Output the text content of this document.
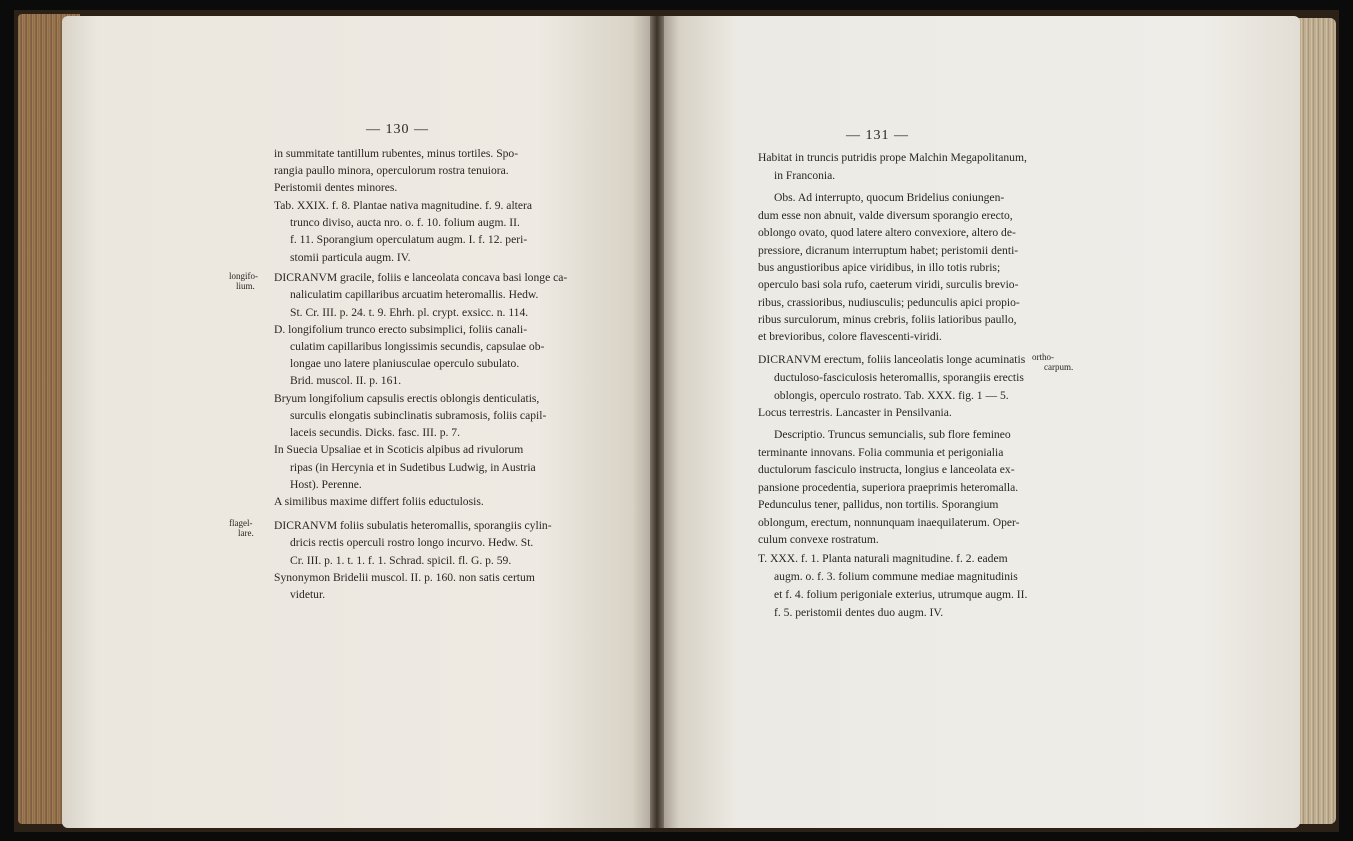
— 130 —
in summitate tantillum rubentes, minus tortiles. Spo-
rangia paullo minora, operculorum rostra tenuiora.
Peristomii dentes minores.
Tab. XXIX. f. 8. Plantae nativa magnitudine. f. 9. altera
trunco diviso, aucta nro. o. f. 10. folium augm. II.
f. 11. Sporangium operculatum augm. I. f. 12. peri-
stomii particula augm. IV.
longifo-
lium.
DICRANVM gracile, foliis e lanceolata concava basi longe ca-
naliculatim capillaribus arcuatim heteromallis. Hedw.
St. Cr. III. p. 24. t. 9. Ehrh. pl. crypt. exsicc. n. 114.
D. longifolium trunco erecto subsimplici, foliis canali-
culatim capillaribus longissimis secundis, capsulae ob-
longae uno latere planiusculae operculo subulato.
Brid. muscol. II. p. 161.
Bryum longifolium capsulis erectis oblongis denticulatis,
surculis elongatis subinclinatis subramosis, foliis capil-
laceis secundis. Dicks. fasc. III. p. 7.
In Suecia Upsaliae et in Scoticis alpibus ad rivulorum
ripas (in Hercynia et in Sudetibus Ludwig, in Austria
Host). Perenne.
A similibus maxime differt foliis eductulosis.
flagel-
lare.
DICRANVM foliis subulatis heteromallis, sporangiis cylin-
dricis rectis operculi rostro longo incurvo. Hedw. St.
Cr. III. p. 1. t. 1. f. 1. Schrad. spicil. fl. G. p. 59.
Synonymon Bridelii muscol. II. p. 160. non satis certum
videtur.
— 131 —
Habitat in truncis putridis prope Malchin Megapolitanum,
in Franconia.
Obs. Ad interrupto, quocum Bridelius coniungen-
dum esse non abnuit, valde diversum sporangio erecto,
oblongo ovato, quod latere altero convexiore, altero de-
pressiore, dicranum interruptum habet; peristomii denti-
bus angustioribus apice viridibus, in illo totis rubris;
operculo basi sola rufo, caeterum viridi, surculis brevio-
ribus, crassioribus, nudiusculis; pedunculis apici propio-
ribus surculorum, minus crebris, foliis latioribus paullo,
et brevioribus, colore flavescenti-viridi.
DICRANVM erectum, foliis lanceolatis longe acuminatis
ductuloso-fasciculosis heteromallis, sporangiis erectis
oblongis, operculo rostrato. Tab. XXX. fig. 1 — 5.
Locus terrestris. Lancaster in Pensilvania.
ortho-
carpum.
Descriptio. Truncus semuncialis, sub flore femineo
terminante innovans. Folia communia et perigonialia
ductulorum fasciculo instructa, longius e lanceolata ex-
pansione procedentia, superiora praeprimis heteromalla.
Pedunculus tener, pallidus, non tortilis. Sporangium
oblongum, erectum, nonnunquam inaequilaterum. Oper-
culum convexe rostratum.
T. XXX. f. 1. Planta naturali magnitudine. f. 2. eadem
augm. o. f. 3. folium commune mediae magnitudinis
et f. 4. folium perigoniale exterius, utrumque augm. II.
f. 5. peristomii dentes duo augm. IV.
